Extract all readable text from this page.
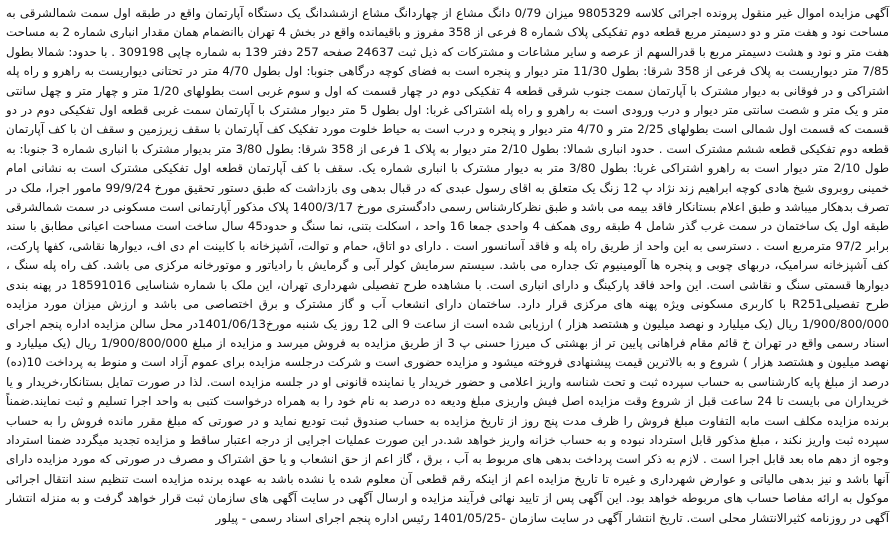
آگهی مزایده اموال غیر منقول پرونده اجرائی کلاسه 9805329 میزان 0/79 دانگ مشاع از چهاردانگ مشاع ازششدانگ یک دستگاه آپارتمان واقع در طبقه اول سمت شمالشرقی به مساحت نود و هفت متر و دو دسیمتر مربع قطعه دوم تفکیکی پلاک شماره 8 فرعی از 358 مفروز و باقیمانده واقع در بخش 4 تهران باانضمام همان مقدار انباری شماره 2 به مساحت هفت متر و نود و هشت دسیمتر مربع با قدرالسهم از عرصه و سایر مشاعات و مشترکات که ذیل ثبت 24637 صفحه 257 دفتر 139 به شماره چاپی 309198 . با حدود: شمالا بطول 7/85 متر دیواریست به پلاک فرعی از 358 شرقا: بطول 11/30 متر دیوار و پنجره است به فضای کوچه درگاهی جنوبا: اول بطول 4/70 متر در تحتانی دیواریست به راهرو و راه پله اشتراکی و در فوقانی به دیوار مشترک با آپارتمان سمت جنوب شرقی قطعه 4 تفکیکی دوم در چهار قسمت که اول و سوم غربی است بطولهای 1/20 متر و چهار متر و چهل سانتی متر و یک متر و شصت سانتی متر دیوار و درب ورودی است به راهرو و راه پله اشتراکی غربا: اول بطول 5 متر دیوار مشترک با آپارتمان سمت غربی قطعه اول تفکیکی دوم در دو قسمت که قسمت اول شمالی است بطولهای 2/25 متر و 4/70 متر دیوار و پنجره و درب است به حیاط خلوت مورد تفکیک کف آپارتمان با سقف زیرزمین و سقف ان با کف آپارتمان قطعه دوم تفکیکی قطعه ششم مشترک است . حدود انباری شمالا: بطول 2/10 متر دیوار به پلاک 1 فرعی از 358 شرقا: بطول 3/80 متر بدیوار مشترک با انباری شماره 3 جنوبا: به طول 2/10 متر دیوار است به راهرو اشتراکی غربا: بطول 3/80 متر به دیوار مشترک با انباری شماره یک. سقف با کف آپارتمان قطعه اول تفکیکی مشترک است به نشانی امام خمینی روبروی شیخ هادی کوچه ابراهیم زند نژاد پ 12 زنگ یک متعلق به اقای رسول عبدی که در قبال بدهی وی بازداشت که طبق دستور تحقیق مورخ 99/9/24 مامور اجرا، ملک در تصرف بدهکار میباشد و طبق اعلام بستانکار فاقد بیمه می باشد و طبق نظرکارشناس رسمی دادگستری مورخ 1400/3/17 پلاک مذکور آپارتمانی است مسکونی در سمت شمالشرقی طبقه اول یک ساختمان در سمت غرب گذر شامل 4 طبقه روی همکف 4 واحدی جمعا 16 واحد ، اسکلت بتنی، نما سنگ و حدود45 سال ساخت است مساحت اعیانی مطابق با سند برابر 97/2 مترمربع است . دسترسی به این واحد از طریق راه پله و فاقد آسانسور است . دارای دو اتاق، حمام و توالت، آشپزخانه با کابینت ام دی اف، دیوارها نقاشی، کفها پارکت، کف آشپزخانه سرامیک، دربهای چوبی و پنجره ها آلومینیوم تک جداره می باشد. سیستم سرمایش کولر آبی و گرمایش با رادیاتور و موتورخانه مرکزی می باشد. کف راه پله سنگ ، دیوارها قسمتی سنگ و نقاشی است. این واحد فاقد پارکینگ و دارای انباری است. با مشاهده طرح تفصیلی شهرداری تهران، این ملک با شماره شناسایی 18591016 در پهنه بندی طرح تفصیلیR251 با کاربری مسکونی ویژه پهنه های مرکزی قرار دارد. ساختمان دارای انشعاب آب و گاز مشترک و برق اختصاصی می باشد و ارزش میزان مورد مزایده 1/900/800/000 ریال (یک میلیارد و نهصد میلیون و هشتصد هزار ) ارزیابی شده است از ساعت 9 الی 12 روز یک شنبه مورخ1401/06/13در محل سالن مزایده اداره پنجم اجرای اسناد رسمی واقع در تهران خ قائم مقام فراهانی پایین تر از بهشتی ک میرزا حسنی پ 3 از طریق مزایده به فروش میرسد و مزایده از مبلغ 1/900/800/000 ریال (یک میلیارد و نهصد میلیون و هشتصد هزار ) شروع و به بالاترین قیمت پیشنهادی فروخته میشود و مزایده حضوری است و شرکت درجلسه مزایده برای عموم آزاد است و منوط به پرداخت 10(ده) درصد از مبلغ پایه کارشناسی به حساب سپرده ثبت و تحت شناسه واریز اعلامی و حضور خریدار یا نماینده قانونی او در جلسه مزایده است. لذا در صورت تمایل بستانکار،خریدار و یا خریداران می بایست تا 24 ساعت قبل از شروع وقت مزایده اصل فیش واریزی مبلغ ودیعه ده درصد به نام خود را به همراه درخواست کتبی به واحد اجرا تسلیم و ثبت نمایند.ضمناً برنده مزایده مکلف است مابه التفاوت مبلغ فروش را ظرف مدت پنج روز از تاریخ مزایده به حساب صندوق ثبت تودیع نماید و در صورتی که مبلغ مقرر مانده فروش را به حساب سپرده ثبت واریز نکند ، مبلغ مذکور قابل استرداد نبوده و به حساب خزانه واریز خواهد شد.در این صورت عملیات اجرایی از درجه اعتبار ساقط و مزایده تجدید میگردد ضمنا استرداد وجوه از دهم ماه بعد قابل اجرا است . لازم به ذکر است پرداخت بدهی های مربوط به آب ، برق ، گاز اعم از حق انشعاب و یا حق اشتراک و مصرف در صورتی که مورد مزایده دارای آنها باشد و نیز بدهی مالیاتی و عوارض شهرداری و غیره تا تاریخ مزایده اعم از اینکه رقم قطعی آن معلوم شده یا نشده باشد به عهده برنده مزایده است تنظیم سند انتقال اجرائی موکول به ارائه مفاصا حساب های مربوطه خواهد بود. این آگهی پس از تایید نهائی فرآیند مزایده و ارسال آگهی در سایت آگهی های سازمان ثبت قرار خواهد گرفت و به منزله انتشار آگهی در روزنامه کثیرالانتشار محلی است. تاریخ انتشار آگهی در سایت سازمان -1401/05/25 رئیس اداره پنجم اجرای اسناد رسمی - پیلور
